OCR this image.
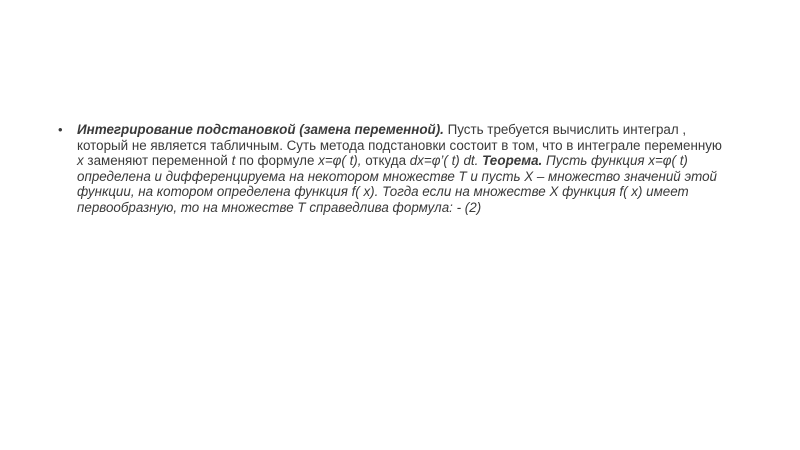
• Интегрирование подстановкой (замена переменной). Пусть требуется вычислить интеграл , который не является табличным. Суть метода подстановки состоит в том, что в интеграле переменную x заменяют переменной t по формуле x=φ( t), откуда dx=φ’( t) dt. Теорема. Пусть функция x=φ( t) определена и дифференцируема на некотором множестве T и пусть X – множество значений этой функции, на котором определена функция f( x). Тогда если на множестве X функция f( x) имеет первообразную, то на множестве T справедлива формула: - (2)
